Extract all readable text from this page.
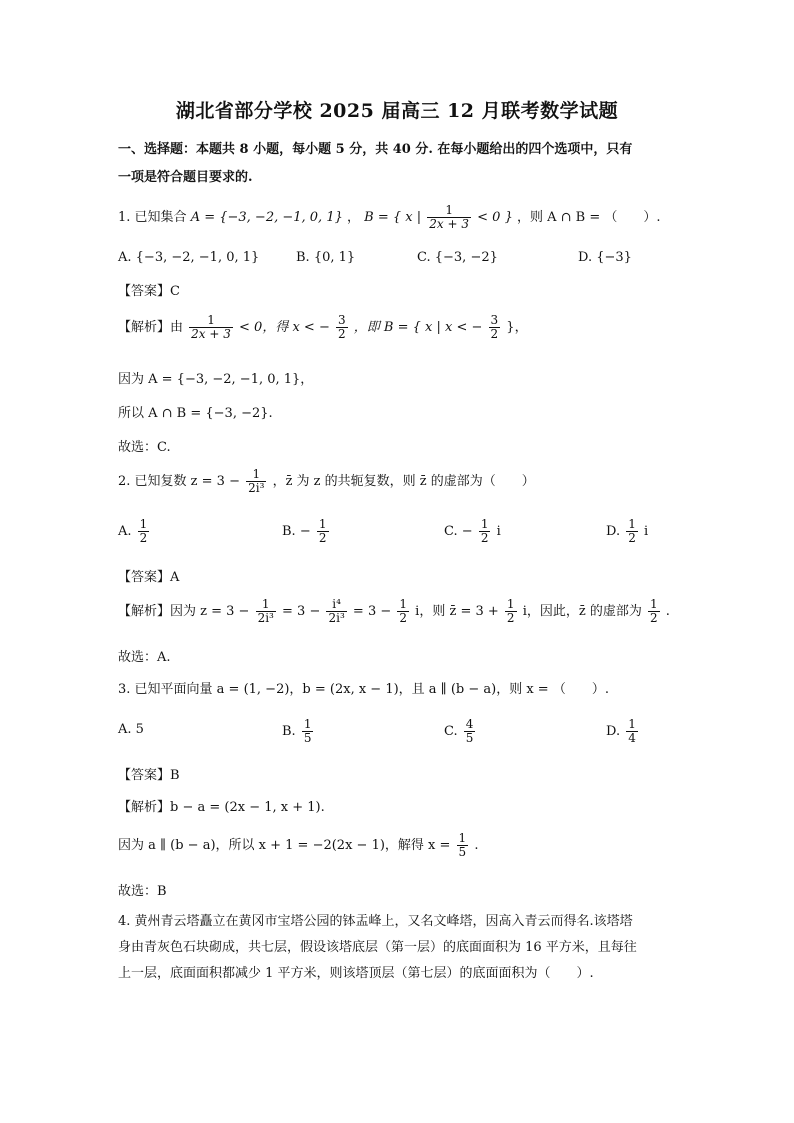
湖北省部分学校 2025 届高三 12 月联考数学试题
一、选择题：本题共 8 小题，每小题 5 分，共 40 分. 在每小题给出的四个选项中，只有
一项是符合题目要求的.
1. 已知集合 A = {−3, −2, −1, 0, 1} ， B = { x | $\frac{1}{2x + 3} < 0$ } ，则 A ∩ B = （　　）.
A. {−3, −2, −1, 0, 1}	B. {0, 1}	C. {−3, −2}	D. {−3}
【答案】C
【解析】由 $\frac{1}{2x + 3} < 0$，得 x < − $\frac{3}{2}$ ，即 B = { x | x < − $\frac{3}{2}$ }，
因为 A = {−3, −2, −1, 0, 1}，
所以 A ∩ B = {−3, −2}.
故选：C.
2. 已知复数 $z = 3 - \frac{1}{\text{2i³}}$ ，z̄ 为 z 的共轭复数，则 z̄ 的虚部为（　　）
A. $\frac{1}{2}$	B. − $\frac{1}{2}$	C. − $\frac{1}{2}$ i	D. $\frac{1}{2}$ i
【答案】A
【解析】因为 $z = 3 - \frac{1}{\text{2i³}} = 3 - \frac{\text{i⁴}}{\text{2i³}} = 3 - \frac{1}{2}$ i，则 z̄ = $3 + \frac{1}{2}$ i，因此，z̄ 的虚部为 $\frac{1}{2}$ .
故选：A.
3. 已知平面向量 a = (1, −2)，b = (2x, x − 1)，且 a ∥ (b − a)，则 x = （　　）.
A. 5	B. $\frac{1}{5}$	C. $\frac{4}{5}$	D. $\frac{1}{4}$
【答案】B
【解析】b − a = (2x − 1, x + 1).
因为 a ∥ (b − a)，所以 x + 1 = −2(2x − 1)，解得 $x = \frac{1}{5}$ .
故选：B
4. 黄州青云塔矗立在黄冈市宝塔公园的钵盂峰上，又名文峰塔，因高入青云而得名.该塔塔
身由青灰色石块砌成，共七层，假设该塔底层（第一层）的底面面积为 16 平方米，且每往
上一层，底面面积都减少 1 平方米，则该塔顶层（第七层）的底面面积为（　　）.
